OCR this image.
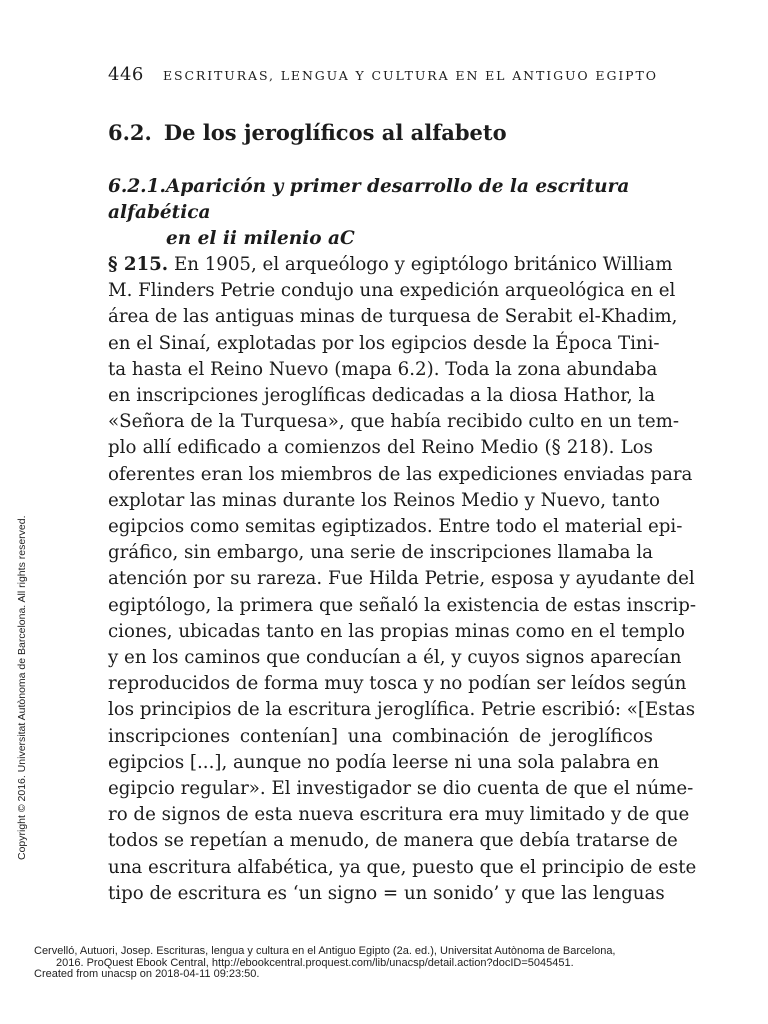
446 ESCRITURAS, LENGUA Y CULTURA EN EL ANTIGUO EGIPTO
6.2. De los jeroglíficos al alfabeto
6.2.1.Aparición y primer desarrollo de la escritura alfabética
en el ii milenio aC
§ 215. En 1905, el arqueólogo y egiptólogo británico William
M. Flinders Petrie condujo una expedición arqueológica en el
área de las antiguas minas de turquesa de Serabit el-Khadim,
en el Sinaí, explotadas por los egipcios desde la Época Tini-
ta hasta el Reino Nuevo (mapa 6.2). Toda la zona abundaba
en inscripciones jeroglíficas dedicadas a la diosa Hathor, la
«Señora de la Turquesa», que había recibido culto en un tem-
plo allí edificado a comienzos del Reino Medio (§ 218). Los
oferentes eran los miembros de las expediciones enviadas para
explotar las minas durante los Reinos Medio y Nuevo, tanto
egipcios como semitas egiptizados. Entre todo el material epi-
gráfico, sin embargo, una serie de inscripciones llamaba la
atención por su rareza. Fue Hilda Petrie, esposa y ayudante del
egiptólogo, la primera que señaló la existencia de estas inscrip-
ciones, ubicadas tanto en las propias minas como en el templo
y en los caminos que conducían a él, y cuyos signos aparecían
reproducidos de forma muy tosca y no podían ser leídos según
los principios de la escritura jeroglífica. Petrie escribió: «[Estas
inscripciones contenían] una combinación de jeroglíficos
egipcios [...], aunque no podía leerse ni una sola palabra en
egipcio regular». El investigador se dio cuenta de que el núme-
ro de signos de esta nueva escritura era muy limitado y de que
todos se repetían a menudo, de manera que debía tratarse de
una escritura alfabética, ya que, puesto que el principio de este
tipo de escritura es ‘un signo = un sonido’ y que las lenguas
Copyright © 2016. Universitat Autònoma de Barcelona. All rights reserved.
Cervelló, Autuori, Josep. Escrituras, lengua y cultura en el Antiguo Egipto (2a. ed.), Universitat Autònoma de Barcelona,
2016. ProQuest Ebook Central, http://ebookcentral.proquest.com/lib/unacsp/detail.action?docID=5045451.
Created from unacsp on 2018-04-11 09:23:50.
